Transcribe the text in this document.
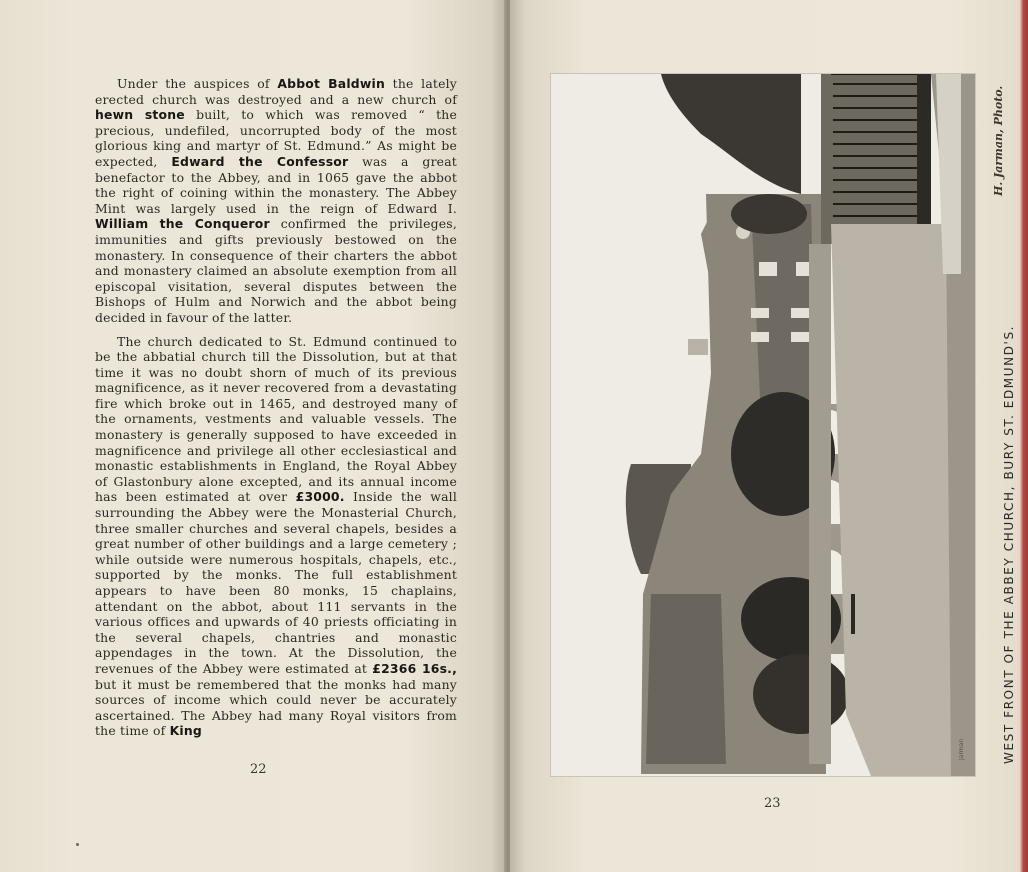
Under the auspices of Abbot Baldwin the lately erected church was destroyed and a new church of hewn stone built, to which was removed “ the precious, undefiled, uncorrupted body of the most glorious king and martyr of St. Edmund.” As might be expected, Edward the Confessor was a great benefactor to the Abbey, and in 1065 gave the abbot the right of coining within the monastery. The Abbey Mint was largely used in the reign of Edward I. William the Conqueror confirmed the privileges, immunities and gifts previously bestowed on the monastery. In consequence of their charters the abbot and monastery claimed an absolute exemption from all episcopal visitation, several disputes between the Bishops of Hulm and Norwich and the abbot being decided in favour of the latter.

The church dedicated to St. Edmund continued to be the abbatial church till the Dissolution, but at that time it was no doubt shorn of much of its previous magnificence, as it never recovered from a devastating fire which broke out in 1465, and destroyed many of the ornaments, vestments and valuable vessels. The monastery is generally supposed to have exceeded in magnificence and privilege all other ecclesiastical and monastic establishments in England, the Royal Abbey of Glastonbury alone excepted, and its annual income has been estimated at over £3000. Inside the wall surrounding the Abbey were the Monasterial Church, three smaller churches and several chapels, besides a great number of other buildings and a large cemetery ; while outside were numerous hospitals, chapels, etc., supported by the monks. The full establishment appears to have been 80 monks, 15 chaplains, attendant on the abbot, about 111 servants in the various offices and upwards of 40 priests officiating in the several chapels, chantries and monastic appendages in the town. At the Dissolution, the revenues of the Abbey were estimated at £2366 16s., but it must be remembered that the monks had many sources of income which could never be accurately ascertained. The Abbey had many Royal visitors from the time of King

22
WEST FRONT OF THE ABBEY CHURCH, BURY ST. EDMUND'S.
H. Jarman, Photo.
Jarman
23
